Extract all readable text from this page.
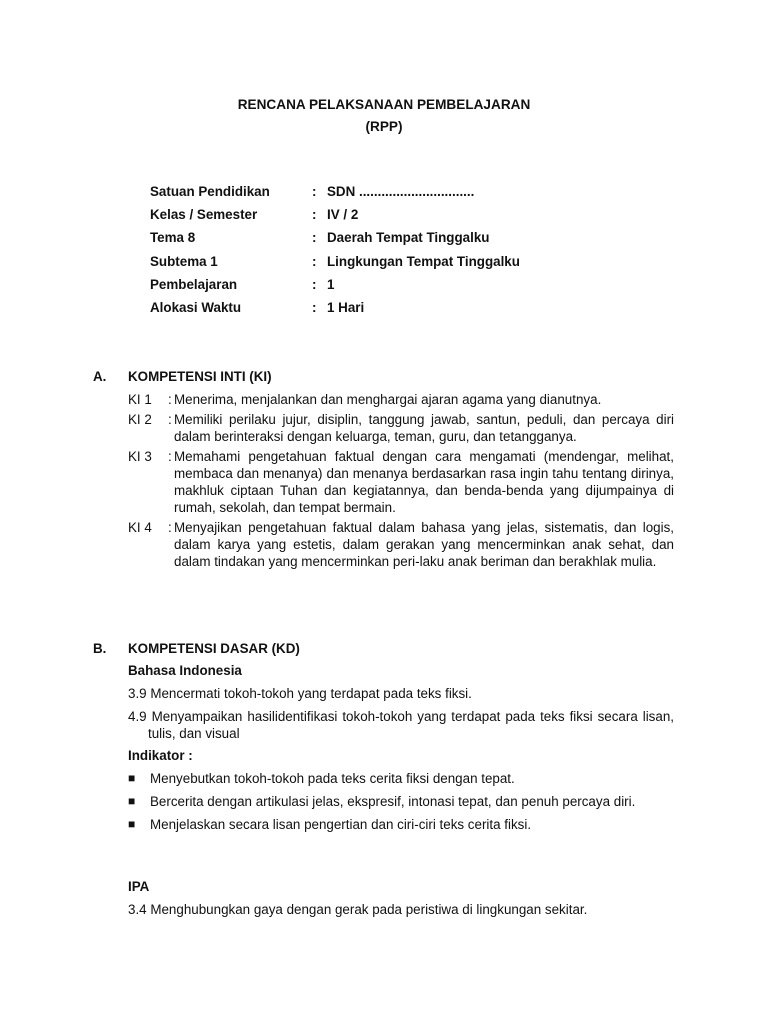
RENCANA PELAKSANAAN PEMBELAJARAN
(RPP)
Satuan Pendidikan	: SDN ...............................
Kelas / Semester	: IV / 2
Tema 8	: Daerah Tempat Tinggalku
Subtema 1	: Lingkungan Tempat Tinggalku
Pembelajaran	: 1
Alokasi Waktu	: 1 Hari
A. KOMPETENSI INTI (KI)
KI 1	: Menerima, menjalankan dan menghargai ajaran agama yang dianutnya.
KI 2	: Memiliki perilaku jujur, disiplin, tanggung jawab, santun, peduli, dan percaya diri dalam berinteraksi dengan keluarga, teman, guru, dan tetangganya.
KI 3	: Memahami pengetahuan faktual dengan cara mengamati (mendengar, melihat, membaca dan menanya) dan menanya berdasarkan rasa ingin tahu tentang dirinya, makhluk ciptaan Tuhan dan kegiatannya, dan benda-benda yang dijumpainya di rumah, sekolah, dan tempat bermain.
KI 4	: Menyajikan pengetahuan faktual dalam bahasa yang jelas, sistematis, dan logis, dalam karya yang estetis, dalam gerakan yang mencerminkan anak sehat, dan dalam tindakan yang mencerminkan peri-laku anak beriman dan berakhlak mulia.
B. KOMPETENSI DASAR (KD)
Bahasa Indonesia
3.9 Mencermati tokoh-tokoh yang terdapat pada teks fiksi.
4.9 Menyampaikan hasilidentifikasi tokoh-tokoh yang terdapat pada teks fiksi secara lisan, tulis, dan visual
Indikator :
■	Menyebutkan tokoh-tokoh pada teks cerita fiksi dengan tepat.
■	Bercerita dengan artikulasi jelas, ekspresif, intonasi tepat, dan penuh percaya diri.
■	Menjelaskan secara lisan pengertian dan ciri-ciri teks cerita fiksi.
IPA
3.4 Menghubungkan gaya dengan gerak pada peristiwa di lingkungan sekitar.
